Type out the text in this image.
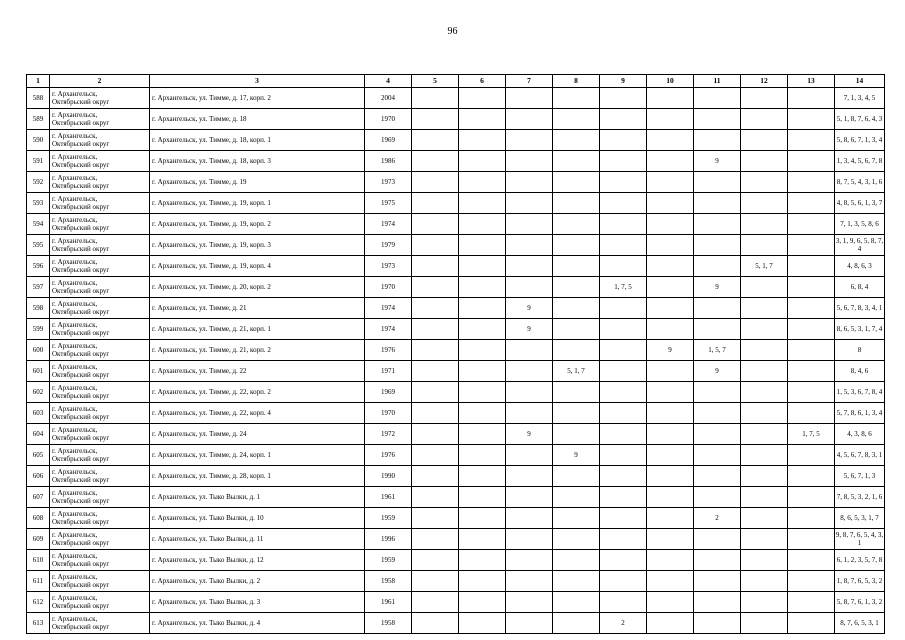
96
1	2	3	4	5	6	7	8	9	10	11	12	13	14
588	г. Архангельск,
Октябрьский округ	г. Архангельск, ул. Тимме, д. 17, корп. 2	2004										7, 1, 3, 4, 5
589	г. Архангельск,
Октябрьский округ	г. Архангельск, ул. Тимме, д. 18	1970										5, 1, 8, 7, 6, 4, 3
590	г. Архангельск,
Октябрьский округ	г. Архангельск, ул. Тимме, д. 18, корп. 1	1969										5, 8, 6, 7, 1, 3, 4
591	г. Архангельск,
Октябрьский округ	г. Архангельск, ул. Тимме, д. 18, корп. 3	1986							9			1, 3, 4, 5, 6, 7, 8
592	г. Архангельск,
Октябрьский округ	г. Архангельск, ул. Тимме, д. 19	1973										8, 7, 5, 4, 3, 1, 6
593	г. Архангельск,
Октябрьский округ	г. Архангельск, ул. Тимме, д. 19, корп. 1	1975										4, 8, 5, 6, 1, 3, 7
594	г. Архангельск,
Октябрьский округ	г. Архангельск, ул. Тимме, д. 19, корп. 2	1974										7, 1, 3, 5, 8, 6
595	г. Архангельск,
Октябрьский округ	г. Архангельск, ул. Тимме, д. 19, корп. 3	1979										3, 1, 9, 6, 5, 8, 7, 4
596	г. Архангельск,
Октябрьский округ	г. Архангельск, ул. Тимме, д. 19, корп. 4	1973								5, 1, 7		4, 8, 6, 3
597	г. Архангельск,
Октябрьский округ	г. Архангельск, ул. Тимме, д. 20, корп. 2	1970					1, 7, 5		9			6, 8, 4
598	г. Архангельск,
Октябрьский округ	г. Архангельск, ул. Тимме, д. 21	1974			9							5, 6, 7, 8, 3, 4, 1
599	г. Архангельск,
Октябрьский округ	г. Архангельск, ул. Тимме, д. 21, корп. 1	1974			9							8, 6, 5, 3, 1, 7, 4
600	г. Архангельск,
Октябрьский округ	г. Архангельск, ул. Тимме, д. 21, корп. 2	1976						9	1, 5, 7			8
601	г. Архангельск,
Октябрьский округ	г. Архангельск, ул. Тимме, д. 22	1971				5, 1, 7			9			8, 4, 6
602	г. Архангельск,
Октябрьский округ	г. Архангельск, ул. Тимме, д. 22, корп. 2	1969										1, 5, 3, 6, 7, 8, 4
603	г. Архангельск,
Октябрьский округ	г. Архангельск, ул. Тимме, д. 22, корп. 4	1970										5, 7, 8, 6, 1, 3, 4
604	г. Архангельск,
Октябрьский округ	г. Архангельск, ул. Тимме, д. 24	1972			9						1, 7, 5	4, 3, 8, 6
605	г. Архангельск,
Октябрьский округ	г. Архангельск, ул. Тимме, д. 24, корп. 1	1976				9						4, 5, 6, 7, 8, 3, 1
606	г. Архангельск,
Октябрьский округ	г. Архангельск, ул. Тимме, д. 28, корп. 1	1990										5, 6, 7, 1, 3
607	г. Архангельск,
Октябрьский округ	г. Архангельск, ул. Тыко Вылки, д. 1	1961										7, 8, 5, 3, 2, 1, 6
608	г. Архангельск,
Октябрьский округ	г. Архангельск, ул. Тыко Вылки, д. 10	1959							2			8, 6, 5, 3, 1, 7
609	г. Архангельск,
Октябрьский округ	г. Архангельск, ул. Тыко Вылки, д. 11	1996										9, 8, 7, 6, 5, 4, 3, 1
610	г. Архангельск,
Октябрьский округ	г. Архангельск, ул. Тыко Вылки, д. 12	1959										6, 1, 2, 3, 5, 7, 8
611	г. Архангельск,
Октябрьский округ	г. Архангельск, ул. Тыко Вылки, д. 2	1958										1, 8, 7, 6, 5, 3, 2
612	г. Архангельск,
Октябрьский округ	г. Архангельск, ул. Тыко Вылки, д. 3	1961										5, 8, 7, 6, 1, 3, 2
613	г. Архангельск,
Октябрьский округ	г. Архангельск, ул. Тыко Вылки, д. 4	1958					2					8, 7, 6, 5, 3, 1
